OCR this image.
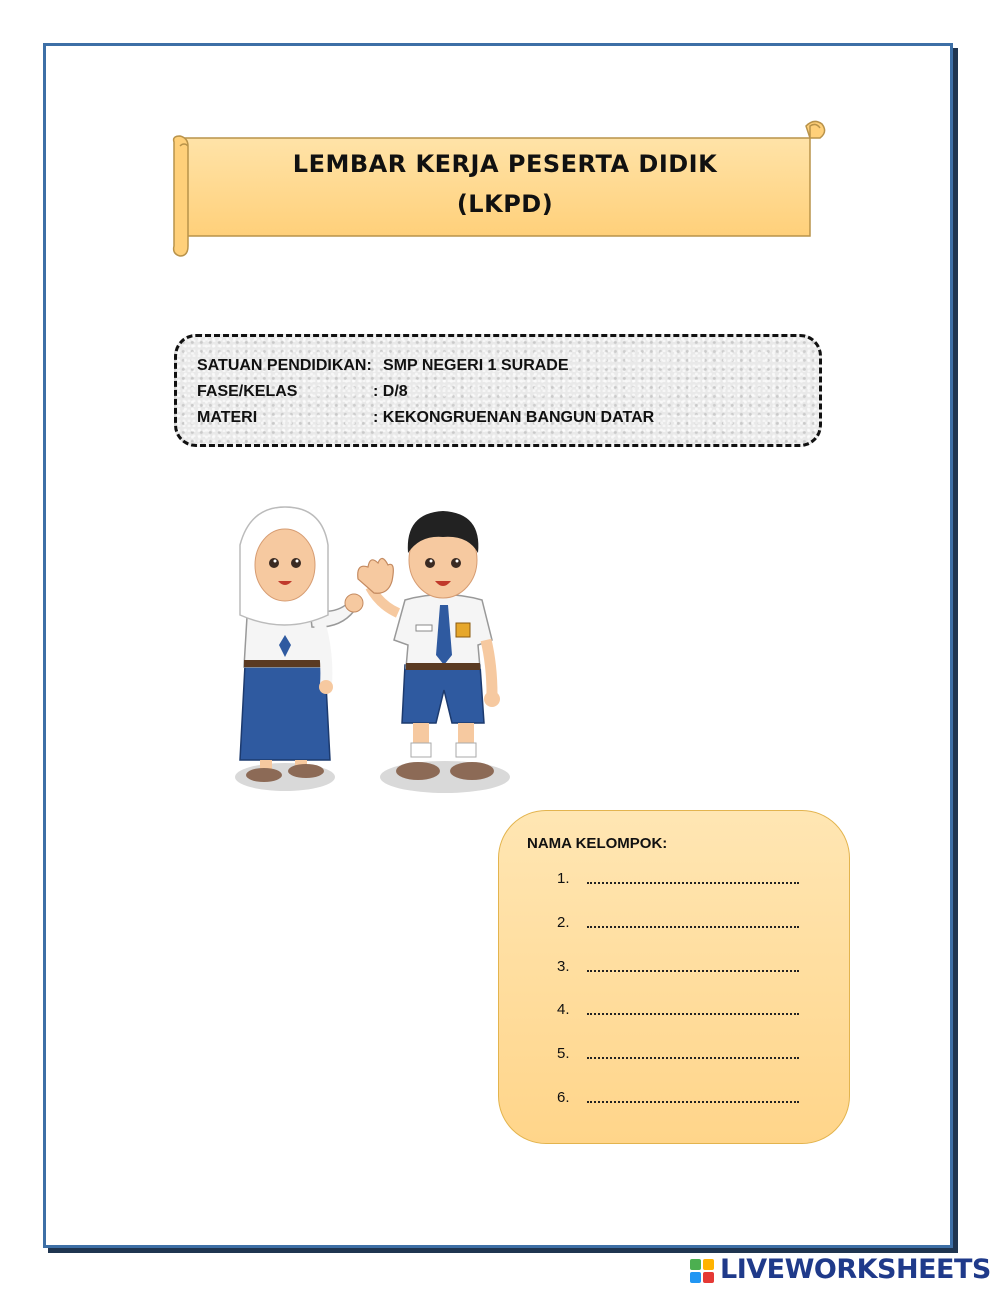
LEMBAR KERJA PESERTA DIDIK
(LKPD)
SATUAN PENDIDIKAN: SMP NEGERI 1 SURADE
FASE/KELAS	: D/8
MATERI	: KEKONGRUENAN BANGUN DATAR
NAMA KELOMPOK:
1.
2.
3.
4.
5.
6.
LIVEWORKSHEETS
